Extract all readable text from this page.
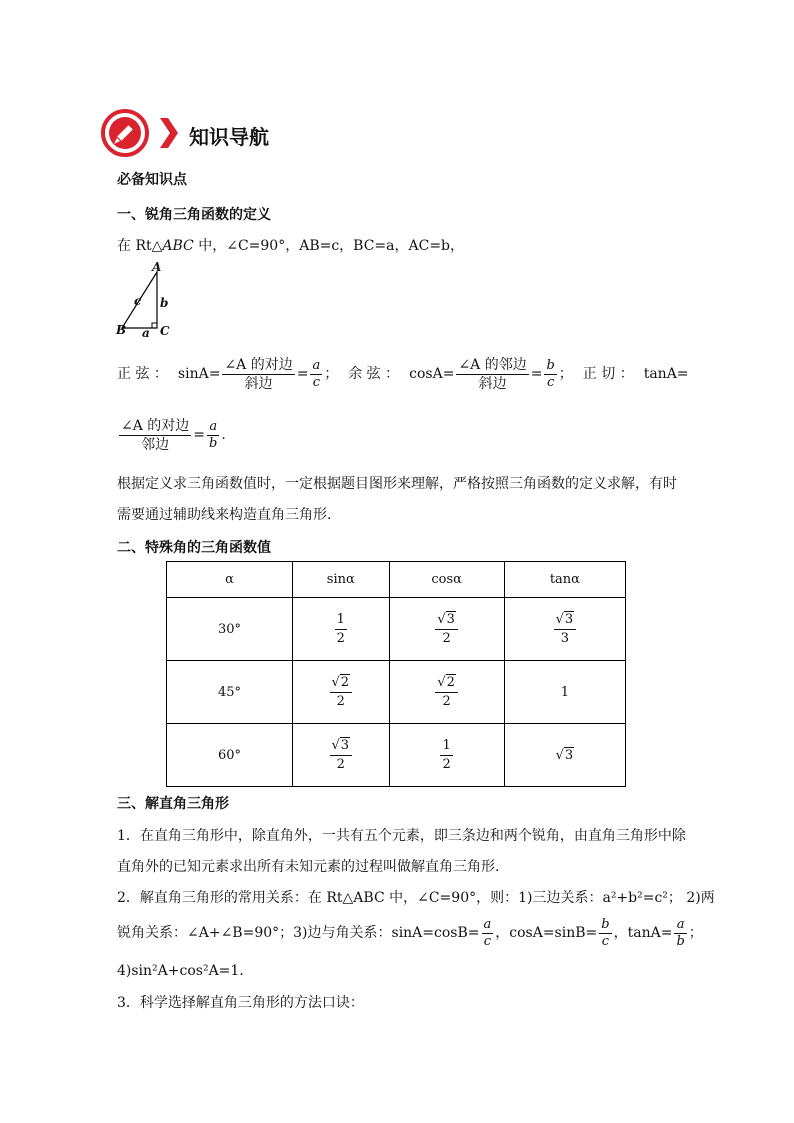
知识导航
必备知识点
一、锐角三角函数的定义
在 Rt△ABC 中，∠C=90°，AB=c，BC=a，AC=b，
A
B	C
a
b
c
正 弦 ： $\sin A= \frac{\text{∠A 的对边}}{\text{斜边}} = \frac{a}{c}$ ； 余 弦 ： $\cos A= \frac{\text{∠A 的邻边}}{\text{斜边}} = \frac{b}{c}$ ； 正 切 ： tanA=
$\frac{\text{∠A 的对边}}{\text{邻边}} = \frac{a}{b}$ .
根据定义求三角函数值时，一定根据题目图形来理解，严格按照三角函数的定义求解，有时
需要通过辅助线来构造直角三角形.
二、特殊角的三角函数值
α	sinα	cosα	tanα
30°	$\frac{1}{2}$	$\frac{√3}{2}$	$\frac{√3}{3}$

45°	$\frac{√2}{2}$	$\frac{√2}{2}$	1
60°	$\frac{√3}{2}$	$\frac{1}{2}$	√3
三、解直角三角形
1．在直角三角形中，除直角外，一共有五个元素，即三条边和两个锐角，由直角三角形中除
直角外的已知元素求出所有未知元素的过程叫做解直角三角形.
2．解直角三角形的常用关系：在 Rt△ABC 中，∠C=90°，则：1)三边关系：a²+b²=c²； 2)两
锐角关系：∠A+∠B=90°；3)边与角关系：$\sin A=\cos B= \frac{a}{c}$ ，$\cos A=\sin B= \frac{b}{c}$ ，$\tan A= \frac{a}{b}$ ；
4)sin²A+cos²A=1．
3．科学选择解直角三角形的方法口诀：
